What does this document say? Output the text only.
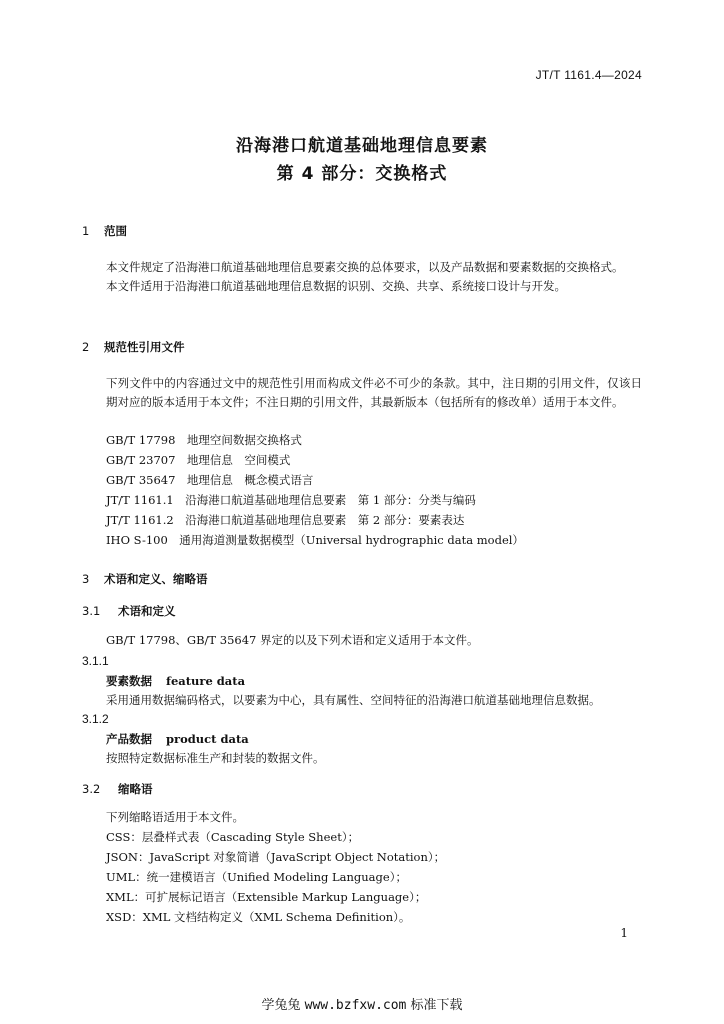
JT/T 1161.4—2024
沿海港口航道基础地理信息要素
第 4 部分：交换格式
1 范围
本文件规定了沿海港口航道基础地理信息要素交换的总体要求，以及产品数据和要素数据的交换格式。
本文件适用于沿海港口航道基础地理信息数据的识别、交换、共享、系统接口设计与开发。
2 规范性引用文件
下列文件中的内容通过文中的规范性引用而构成文件必不可少的条款。其中，注日期的引用文件，仅该日期对应的版本适用于本文件；不注日期的引用文件，其最新版本（包括所有的修改单）适用于本文件。
GB/T 17798　地理空间数据交换格式
GB/T 23707　地理信息　空间模式
GB/T 35647　地理信息　概念模式语言
JT/T 1161.1　沿海港口航道基础地理信息要素　第 1 部分：分类与编码
JT/T 1161.2　沿海港口航道基础地理信息要素　第 2 部分：要素表达
IHO S-100　通用海道测量数据模型（Universal hydrographic data model）
3 术语和定义、缩略语
3.1 术语和定义
GB/T 17798、GB/T 35647 界定的以及下列术语和定义适用于本文件。
3.1.1
要素数据 feature data
采用通用数据编码格式，以要素为中心，具有属性、空间特征的沿海港口航道基础地理信息数据。
3.1.2
产品数据 product data
按照特定数据标准生产和封装的数据文件。
3.2 缩略语
下列缩略语适用于本文件。
CSS：层叠样式表（Cascading Style Sheet）；
JSON：JavaScript 对象简谱（JavaScript Object Notation）；
UML：统一建模语言（Unified Modeling Language）；
XML：可扩展标记语言（Extensible Markup Language）；
XSD：XML 文档结构定义（XML Schema Definition）。
1
学兔兔 www.bzfxw.com 标准下载
